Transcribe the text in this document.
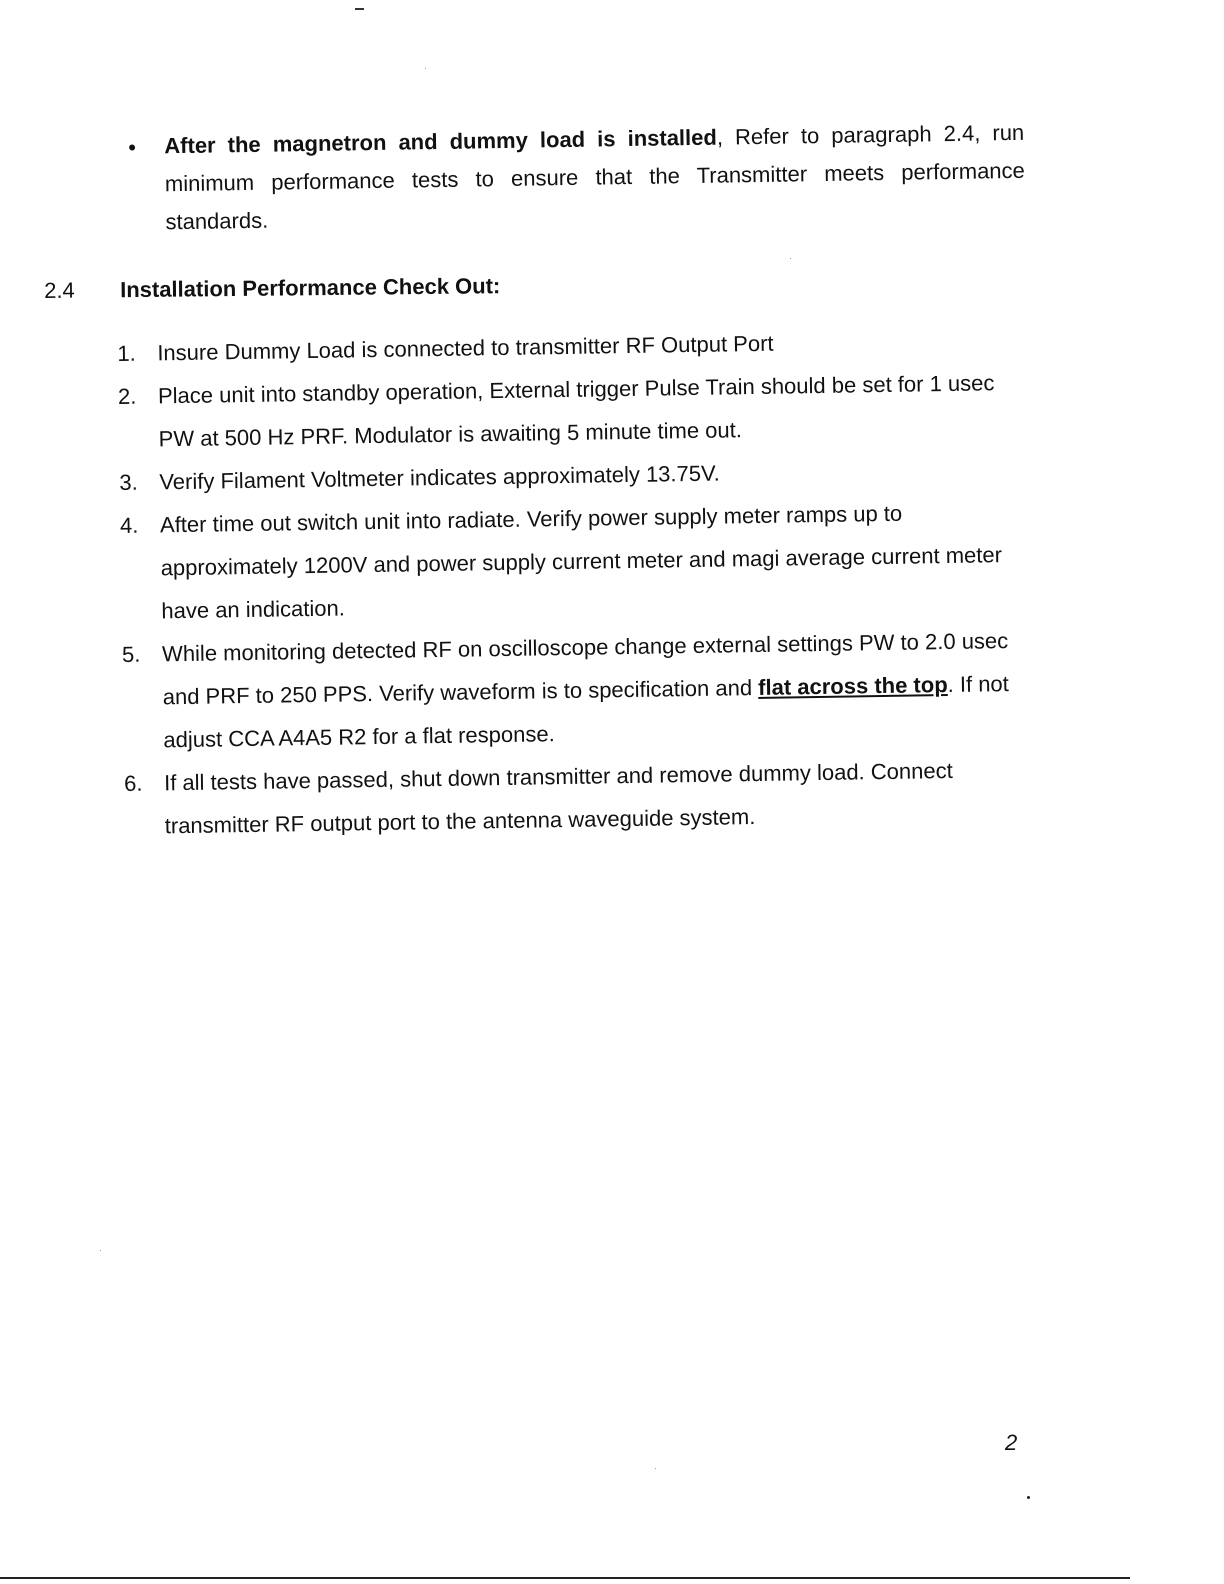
•	After the magnetron and dummy load is installed, Refer to paragraph 2.4, run minimum performance tests to ensure that the Transmitter meets performance standards.
2.4	Installation Performance Check Out:
1. Insure Dummy Load is connected to transmitter RF Output Port
2. Place unit into standby operation, External trigger Pulse Train should be set for 1 usec PW at 500 Hz PRF. Modulator is awaiting 5 minute time out.
3. Verify Filament Voltmeter indicates approximately 13.75V.
4. After time out switch unit into radiate. Verify power supply meter ramps up to approximately 1200V and power supply current meter and magi average current meter have an indication.
5. While monitoring detected RF on oscilloscope change external settings PW to 2.0 usec and PRF to 250 PPS. Verify waveform is to specification and flat across the top. If not adjust CCA A4A5 R2 for a flat response.
6. If all tests have passed, shut down transmitter and remove dummy load. Connect transmitter RF output port to the antenna waveguide system.
2
